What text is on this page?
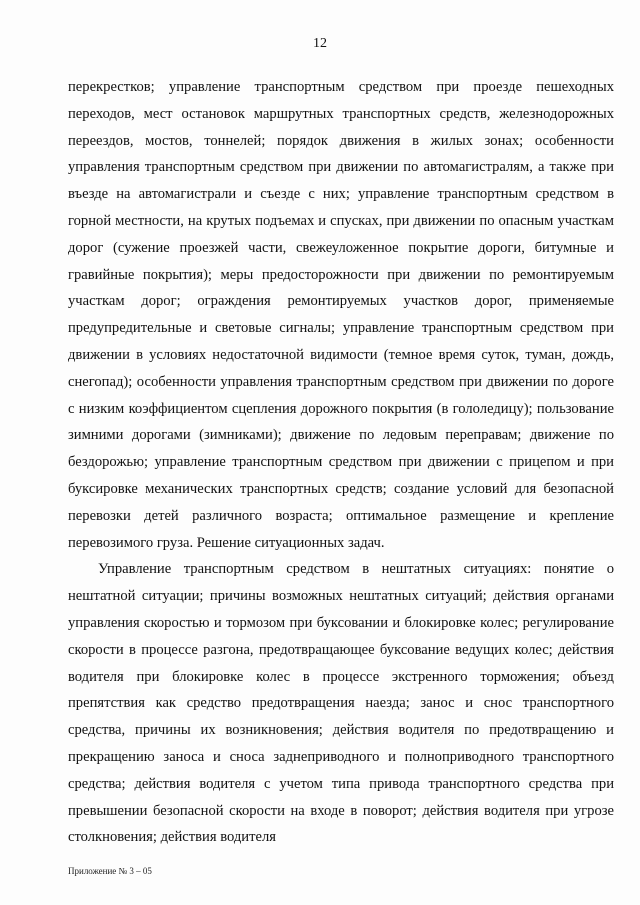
12

перекрестков; управление транспортным средством при проезде пешеходных переходов, мест остановок маршрутных транспортных средств, железнодорожных переездов, мостов, тоннелей; порядок движения в жилых зонах; особенности управления транспортным средством при движении по автомагистралям, а также при въезде на автомагистрали и съезде с них; управление транспортным средством в горной местности, на крутых подъемах и спусках, при движении по опасным участкам дорог (сужение проезжей части, свежеуложенное покрытие дороги, битумные и гравийные покрытия); меры предосторожности при движении по ремонтируемым участкам дорог; ограждения ремонтируемых участков дорог, применяемые предупредительные и световые сигналы; управление транспортным средством при движении в условиях недостаточной видимости (темное время суток, туман, дождь, снегопад); особенности управления транспортным средством при движении по дороге с низким коэффициентом сцепления дорожного покрытия (в гололедицу); пользование зимними дорогами (зимниками); движение по ледовым переправам; движение по бездорожью; управление транспортным средством при движении с прицепом и при буксировке механических транспортных средств; создание условий для безопасной перевозки детей различного возраста; оптимальное размещение и крепление перевозимого груза. Решение ситуационных задач.

Управление транспортным средством в нештатных ситуациях: понятие о нештатной ситуации; причины возможных нештатных ситуаций; действия органами управления скоростью и тормозом при буксовании и блокировке колес; регулирование скорости в процессе разгона, предотвращающее буксование ведущих колес; действия водителя при блокировке колес в процессе экстренного торможения; объезд препятствия как средство предотвращения наезда; занос и снос транспортного средства, причины их возникновения; действия водителя по предотвращению и прекращению заноса и сноса заднеприводного и полноприводного транспортного средства; действия водителя с учетом типа привода транспортного средства при превышении безопасной скорости на входе в поворот; действия водителя при угрозе столкновения; действия водителя

Приложение № 3 – 05
